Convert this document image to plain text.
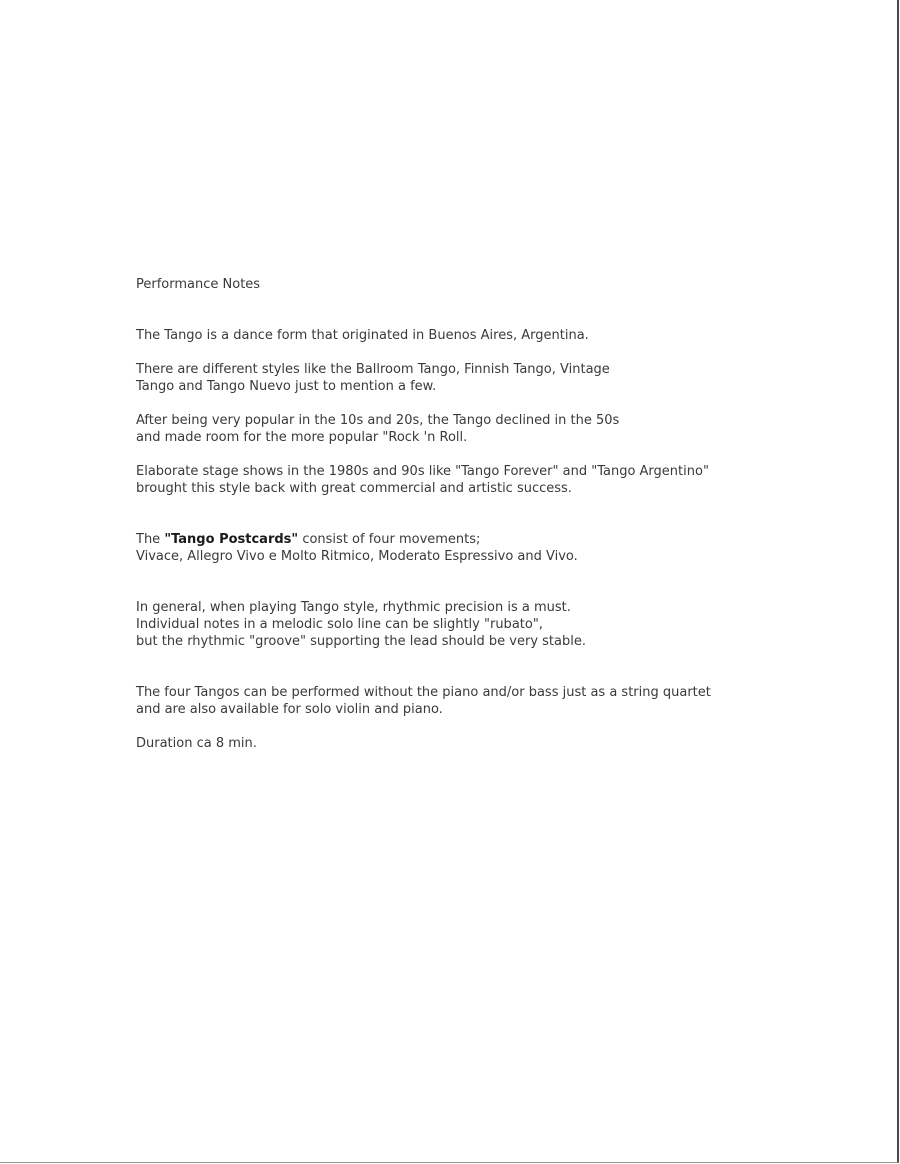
Performance Notes

The Tango is a dance form that originated in Buenos Aires, Argentina.

There are different styles like the Ballroom Tango, Finnish Tango, Vintage
Tango and Tango Nuevo just to mention a few.

After being very popular in the 10s and 20s, the Tango declined in the 50s
and made room for the more popular "Rock 'n Roll.

Elaborate stage shows in the 1980s and 90s like "Tango Forever" and "Tango Argentino"
brought this style back with great commercial and artistic success.

The "Tango Postcards" consist of four movements;
Vivace, Allegro Vivo e Molto Ritmico, Moderato Espressivo and Vivo.

In general, when playing Tango style, rhythmic precision is a must.
Individual notes in a melodic solo line can be slightly "rubato",
but the rhythmic "groove" supporting the lead should be very stable.

The four Tangos can be performed without the piano and/or bass just as a string quartet
and are also available for solo violin and piano.

Duration ca 8 min.
